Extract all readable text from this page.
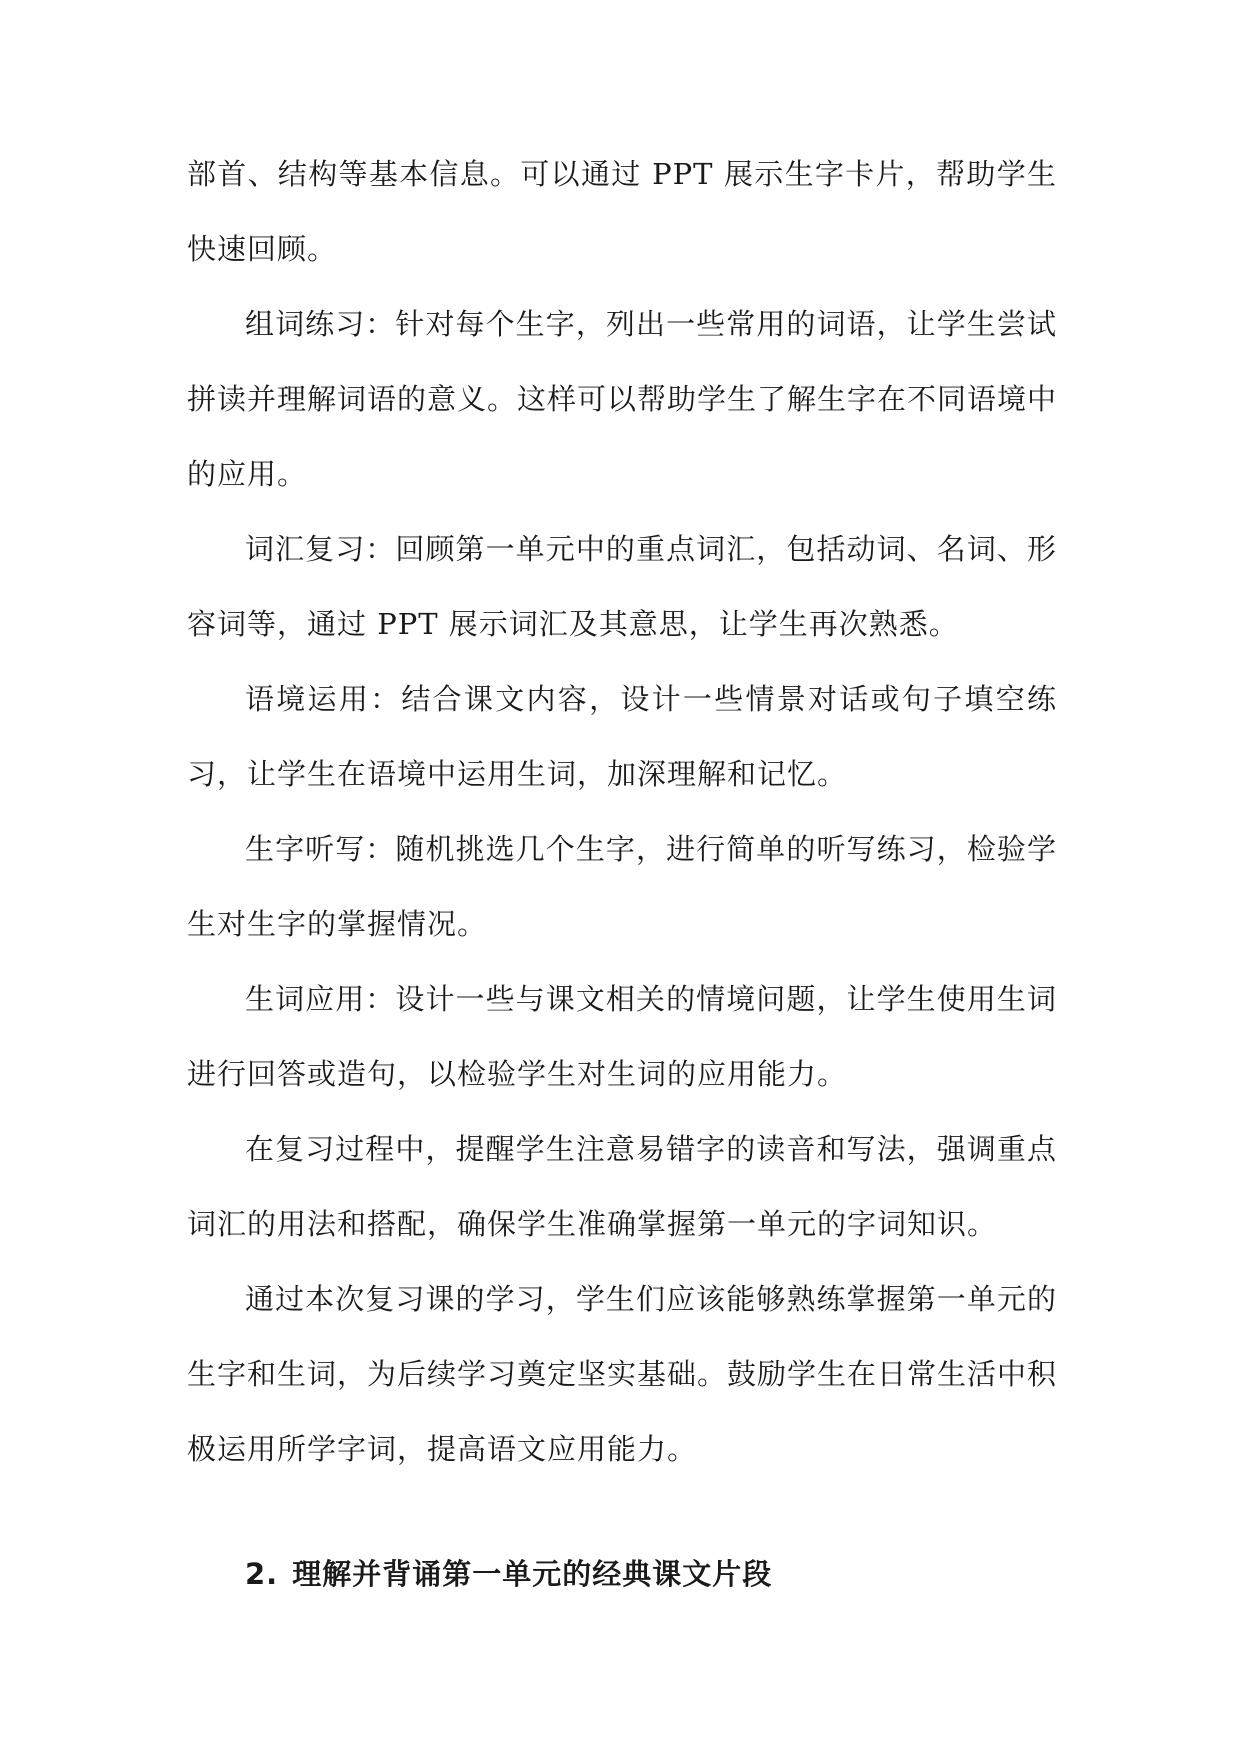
部首、结构等基本信息。可以通过 PPT 展示生字卡片，帮助学生快速回顾。

组词练习：针对每个生字，列出一些常用的词语，让学生尝试拼读并理解词语的意义。这样可以帮助学生了解生字在不同语境中的应用。

词汇复习：回顾第一单元中的重点词汇，包括动词、名词、形容词等，通过 PPT 展示词汇及其意思，让学生再次熟悉。

语境运用：结合课文内容，设计一些情景对话或句子填空练习，让学生在语境中运用生词，加深理解和记忆。

生字听写：随机挑选几个生字，进行简单的听写练习，检验学生对生字的掌握情况。

生词应用：设计一些与课文相关的情境问题，让学生使用生词进行回答或造句，以检验学生对生词的应用能力。

在复习过程中，提醒学生注意易错字的读音和写法，强调重点词汇的用法和搭配，确保学生准确掌握第一单元的字词知识。

通过本次复习课的学习，学生们应该能够熟练掌握第一单元的生字和生词，为后续学习奠定坚实基础。鼓励学生在日常生活中积极运用所学字词，提高语文应用能力。

2. 理解并背诵第一单元的经典课文片段
